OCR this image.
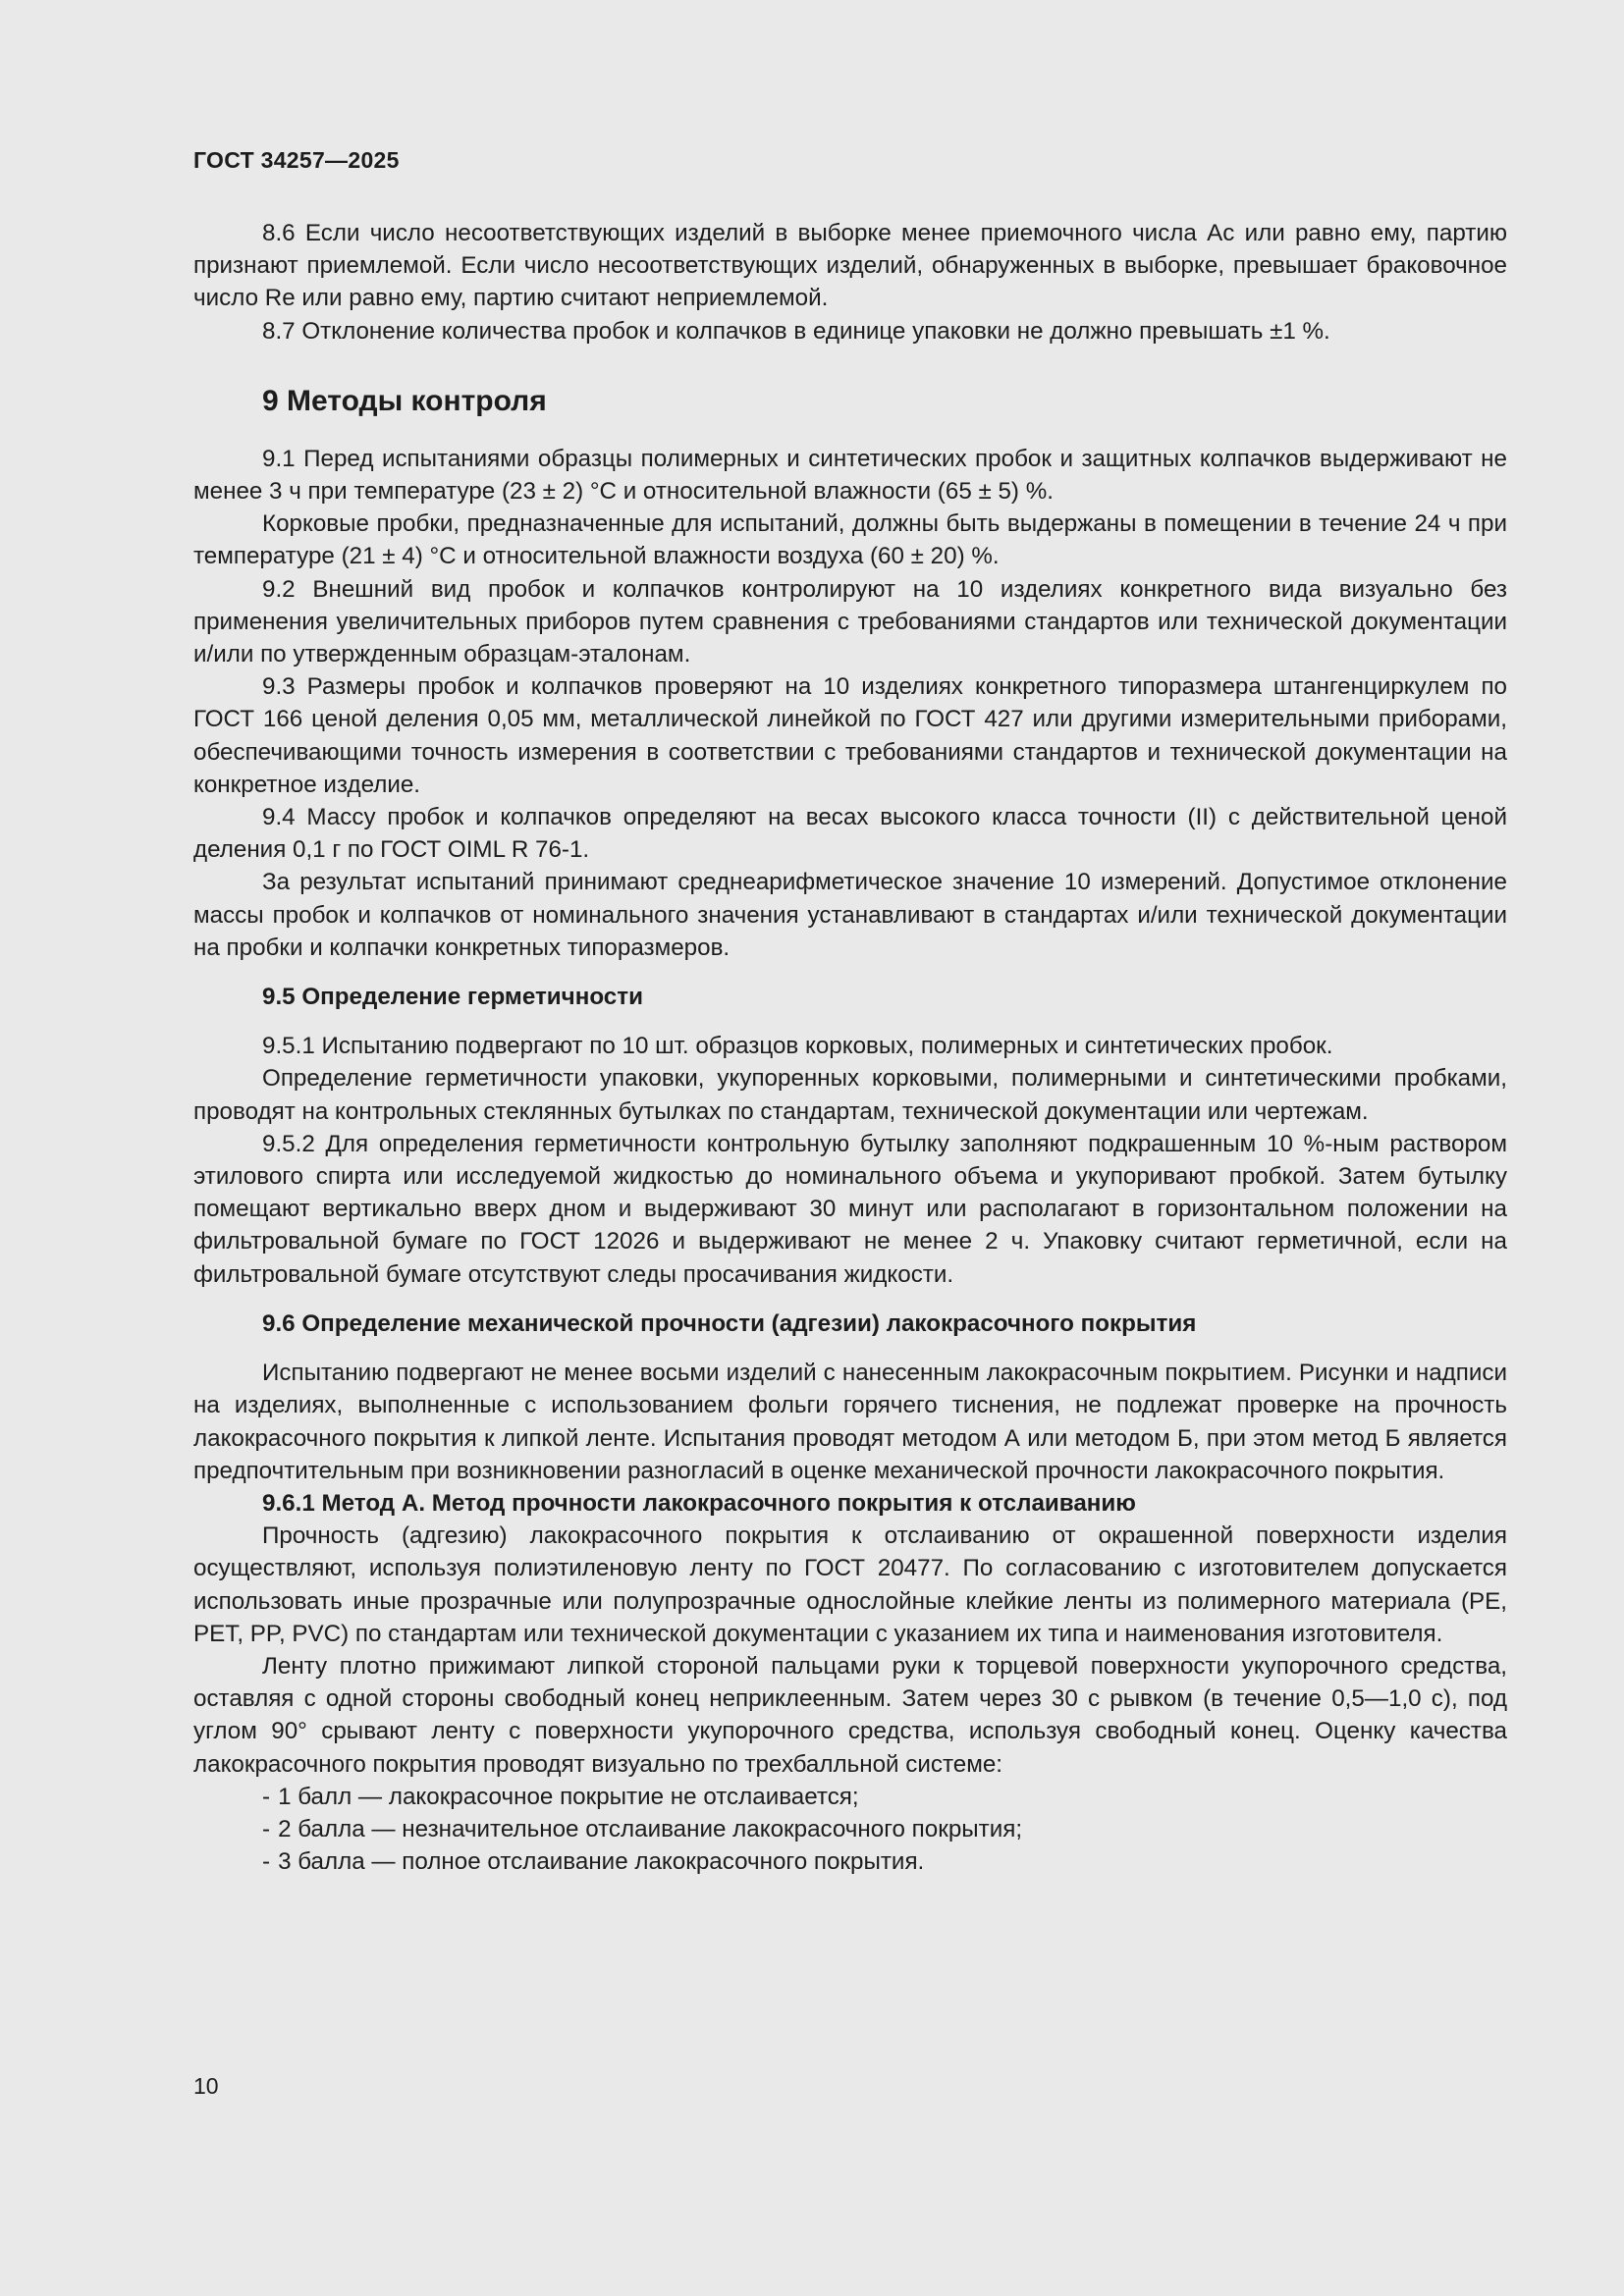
ГОСТ 34257—2025

8.6 Если число несоответствующих изделий в выборке менее приемочного числа Ас или равно ему, партию признают приемлемой. Если число несоответствующих изделий, обнаруженных в выборке, превышает браковочное число Re или равно ему, партию считают неприемлемой.

8.7 Отклонение количества пробок и колпачков в единице упаковки не должно превышать ±1 %.

9 Методы контроля

9.1 Перед испытаниями образцы полимерных и синтетических пробок и защитных колпачков выдерживают не менее 3 ч при температуре (23 ± 2) °С и относительной влажности (65 ± 5) %.

Корковые пробки, предназначенные для испытаний, должны быть выдержаны в помещении в течение 24 ч при температуре (21 ± 4) °С и относительной влажности воздуха (60 ± 20) %.

9.2 Внешний вид пробок и колпачков контролируют на 10 изделиях конкретного вида визуально без применения увеличительных приборов путем сравнения с требованиями стандартов или технической документации и/или по утвержденным образцам-эталонам.

9.3 Размеры пробок и колпачков проверяют на 10 изделиях конкретного типоразмера штангенциркулем по ГОСТ 166 ценой деления 0,05 мм, металлической линейкой по ГОСТ 427 или другими измерительными приборами, обеспечивающими точность измерения в соответствии с требованиями стандартов и технической документации на конкретное изделие.

9.4 Массу пробок и колпачков определяют на весах высокого класса точности (II) с действительной ценой деления 0,1 г по ГОСТ OIML R 76-1.

За результат испытаний принимают среднеарифметическое значение 10 измерений. Допустимое отклонение массы пробок и колпачков от номинального значения устанавливают в стандартах и/или технической документации на пробки и колпачки конкретных типоразмеров.

9.5 Определение герметичности

9.5.1 Испытанию подвергают по 10 шт. образцов корковых, полимерных и синтетических пробок.

Определение герметичности упаковки, укупоренных корковыми, полимерными и синтетическими пробками, проводят на контрольных стеклянных бутылках по стандартам, технической документации или чертежам.

9.5.2 Для определения герметичности контрольную бутылку заполняют подкрашенным 10 %-ным раствором этилового спирта или исследуемой жидкостью до номинального объема и укупоривают пробкой. Затем бутылку помещают вертикально вверх дном и выдерживают 30 минут или располагают в горизонтальном положении на фильтровальной бумаге по ГОСТ 12026 и выдерживают не менее 2 ч. Упаковку считают герметичной, если на фильтровальной бумаге отсутствуют следы просачивания жидкости.

9.6 Определение механической прочности (адгезии) лакокрасочного покрытия

Испытанию подвергают не менее восьми изделий с нанесенным лакокрасочным покрытием. Рисунки и надписи на изделиях, выполненные с использованием фольги горячего тиснения, не подлежат проверке на прочность лакокрасочного покрытия к липкой ленте. Испытания проводят методом А или методом Б, при этом метод Б является предпочтительным при возникновении разногласий в оценке механической прочности лакокрасочного покрытия.

9.6.1 Метод А. Метод прочности лакокрасочного покрытия к отслаиванию

Прочность (адгезию) лакокрасочного покрытия к отслаиванию от окрашенной поверхности изделия осуществляют, используя полиэтиленовую ленту по ГОСТ 20477. По согласованию с изготовителем допускается использовать иные прозрачные или полупрозрачные однослойные клейкие ленты из полимерного материала (PE, PET, PP, PVC) по стандартам или технической документации с указанием их типа и наименования изготовителя.

Ленту плотно прижимают липкой стороной пальцами руки к торцевой поверхности укупорочного средства, оставляя с одной стороны свободный конец неприклеенным. Затем через 30 с рывком (в течение 0,5—1,0 с), под углом 90° срывают ленту с поверхности укупорочного средства, используя свободный конец. Оценку качества лакокрасочного покрытия проводят визуально по трехбалльной системе:

- 1 балл — лакокрасочное покрытие не отслаивается;
- 2 балла — незначительное отслаивание лакокрасочного покрытия;
- 3 балла — полное отслаивание лакокрасочного покрытия.
10
